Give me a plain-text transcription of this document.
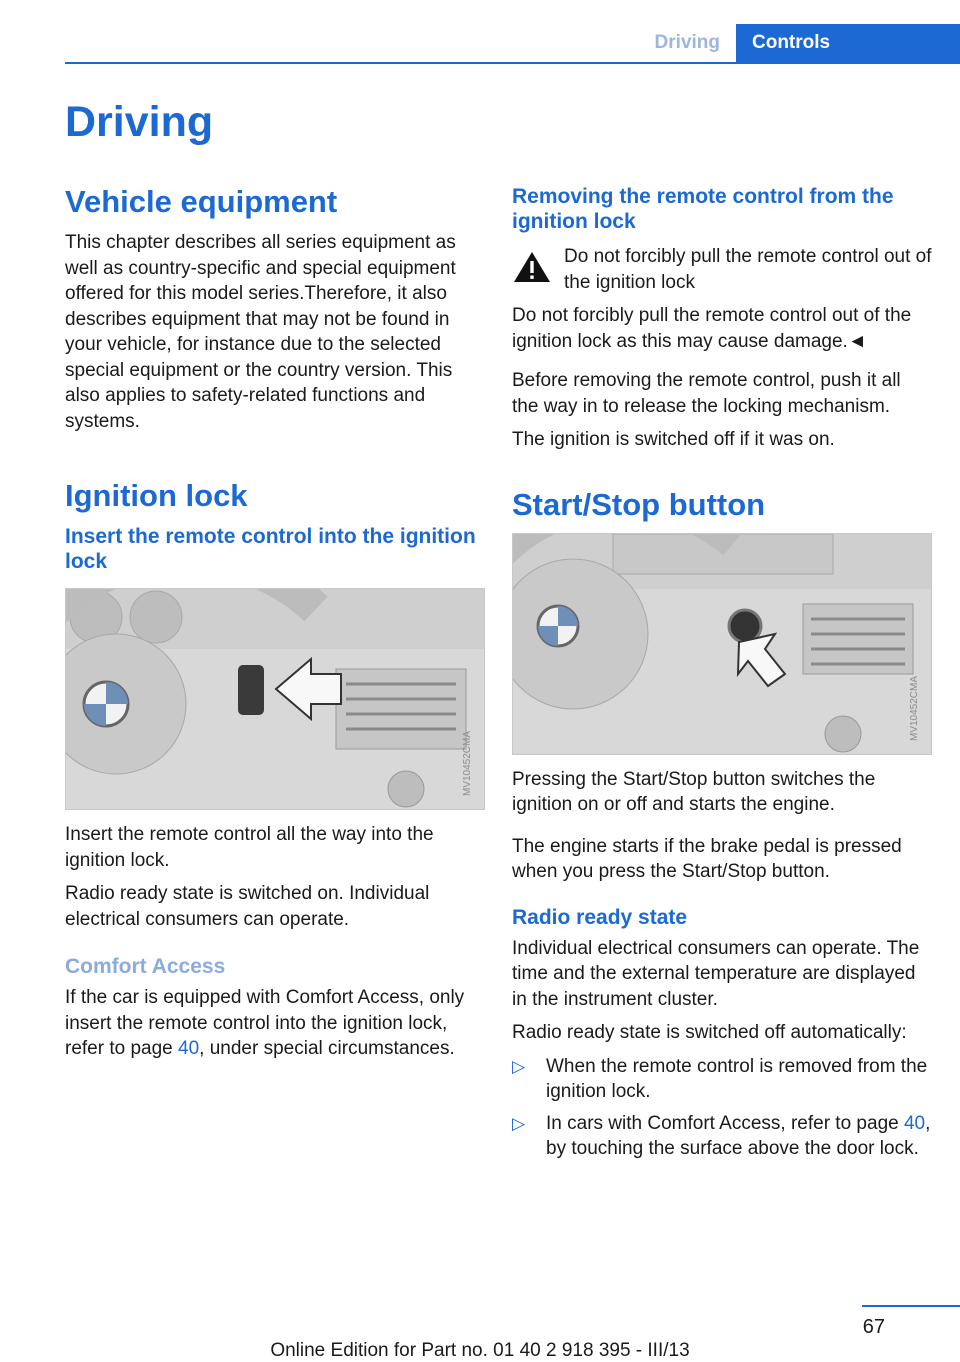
Driving	Controls
Driving
Vehicle equipment

This chapter describes all series equipment as well as country-specific and special equipment offered for this model series.Therefore, it also describes equipment that may not be found in your vehicle, for instance due to the selected special equipment or the country version. This also applies to safety-related functions and systems.

Ignition lock
Insert the remote control into the ignition lock
MV10452CMA

Insert the remote control all the way into the ignition lock.

Radio ready state is switched on. Individual electrical consumers can operate.

Comfort Access

If the car is equipped with Comfort Access, only insert the remote control into the ignition lock, refer to page 40, under special circumstances.

Removing the remote control from the ignition lock

Do not forcibly pull the remote control out of the ignition lock

Do not forcibly pull the remote control out of the ignition lock as this may cause damage.◄

Before removing the remote control, push it all the way in to release the locking mechanism.

The ignition is switched off if it was on.

Start/Stop button
MV10452CMA

Pressing the Start/Stop button switches the ignition on or off and starts the engine.

The engine starts if the brake pedal is pressed when you press the Start/Stop button.

Radio ready state

Individual electrical consumers can operate. The time and the external temperature are displayed in the instrument cluster.

Radio ready state is switched off automatically:

▷	When the remote control is removed from the ignition lock.

▷	In cars with Comfort Access, refer to page 40, by touching the surface above the door lock.

67
Online Edition for Part no. 01 40 2 918 395 - III/13
